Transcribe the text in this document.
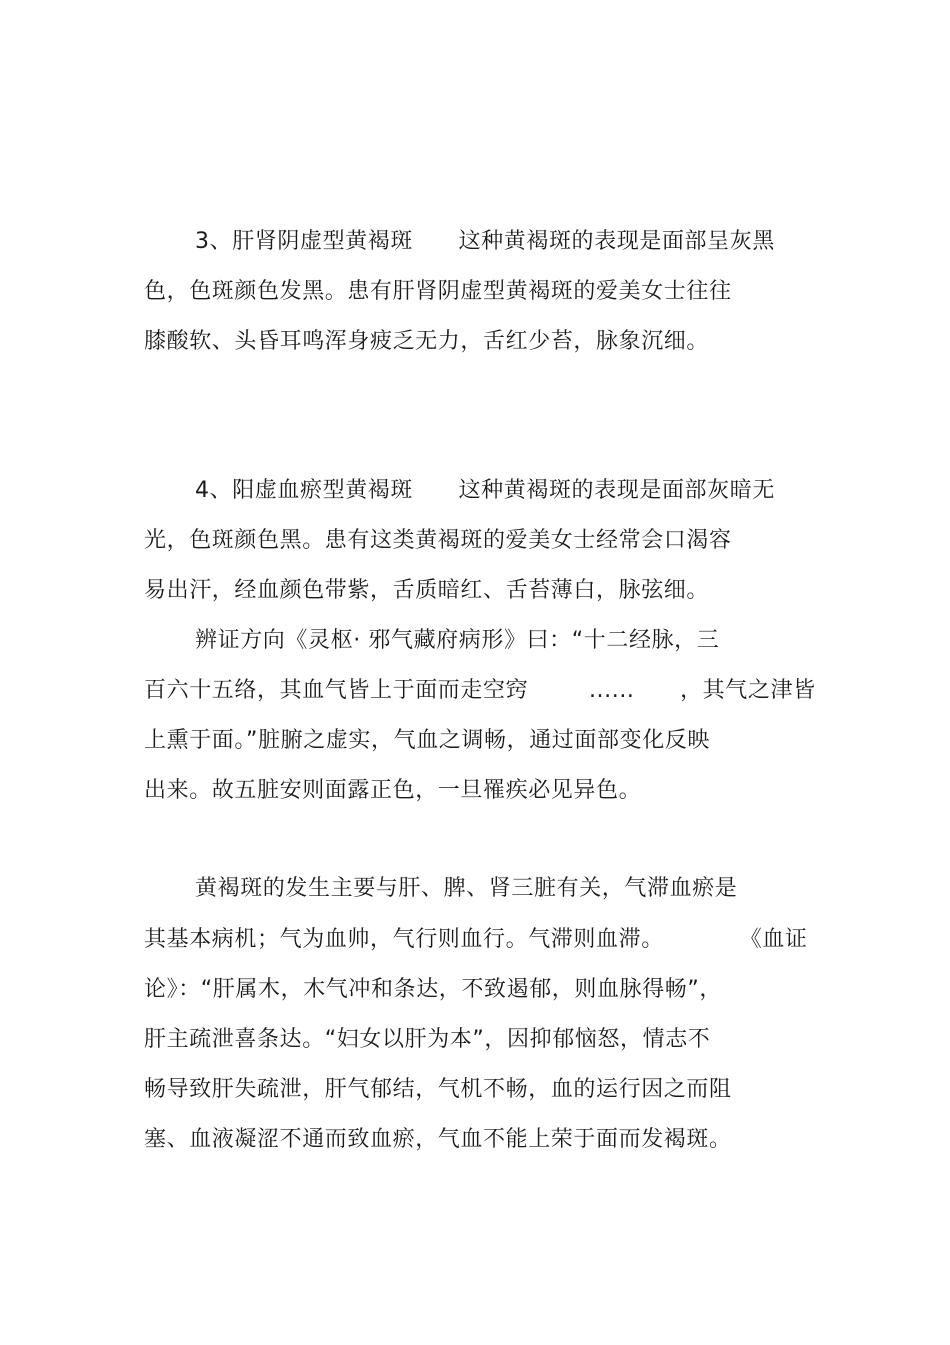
3、肝肾阴虚型黄褐斑      这种黄褐斑的表现是面部呈灰黑
色，色斑颜色发黑。患有肝肾阴虚型黄褐斑的爱美女士往往
膝酸软、头昏耳鸣浑身疲乏无力，舌红少苔，脉象沉细。
4、阳虚血瘀型黄褐斑      这种黄褐斑的表现是面部灰暗无
光，色斑颜色黑。患有这类黄褐斑的爱美女士经常会口渴容
易出汗，经血颜色带紫，舌质暗红、舌苔薄白，脉弦细。
辨证方向《灵枢· 邪气藏府病形》曰：“十二经脉，三
百六十五络，其血气皆上于面而走空窍        ......      ，其气之津皆
上熏于面。”脏腑之虚实，气血之调畅，通过面部变化反映
出来。故五脏安则面露正色，一旦罹疾必见异色。
黄褐斑的发生主要与肝、脾、肾三脏有关，气滞血瘀是
其基本病机；气为血帅，气行则血行。气滞则血滞。          《血证
论》：“肝属木，木气冲和条达，不致遏郁，则血脉得畅”，
肝主疏泄喜条达。“妇女以肝为本”，因抑郁恼怒，情志不
畅导致肝失疏泄，肝气郁结，气机不畅，血的运行因之而阻
塞、血液凝涩不通而致血瘀，气血不能上荣于面而发褐斑。
